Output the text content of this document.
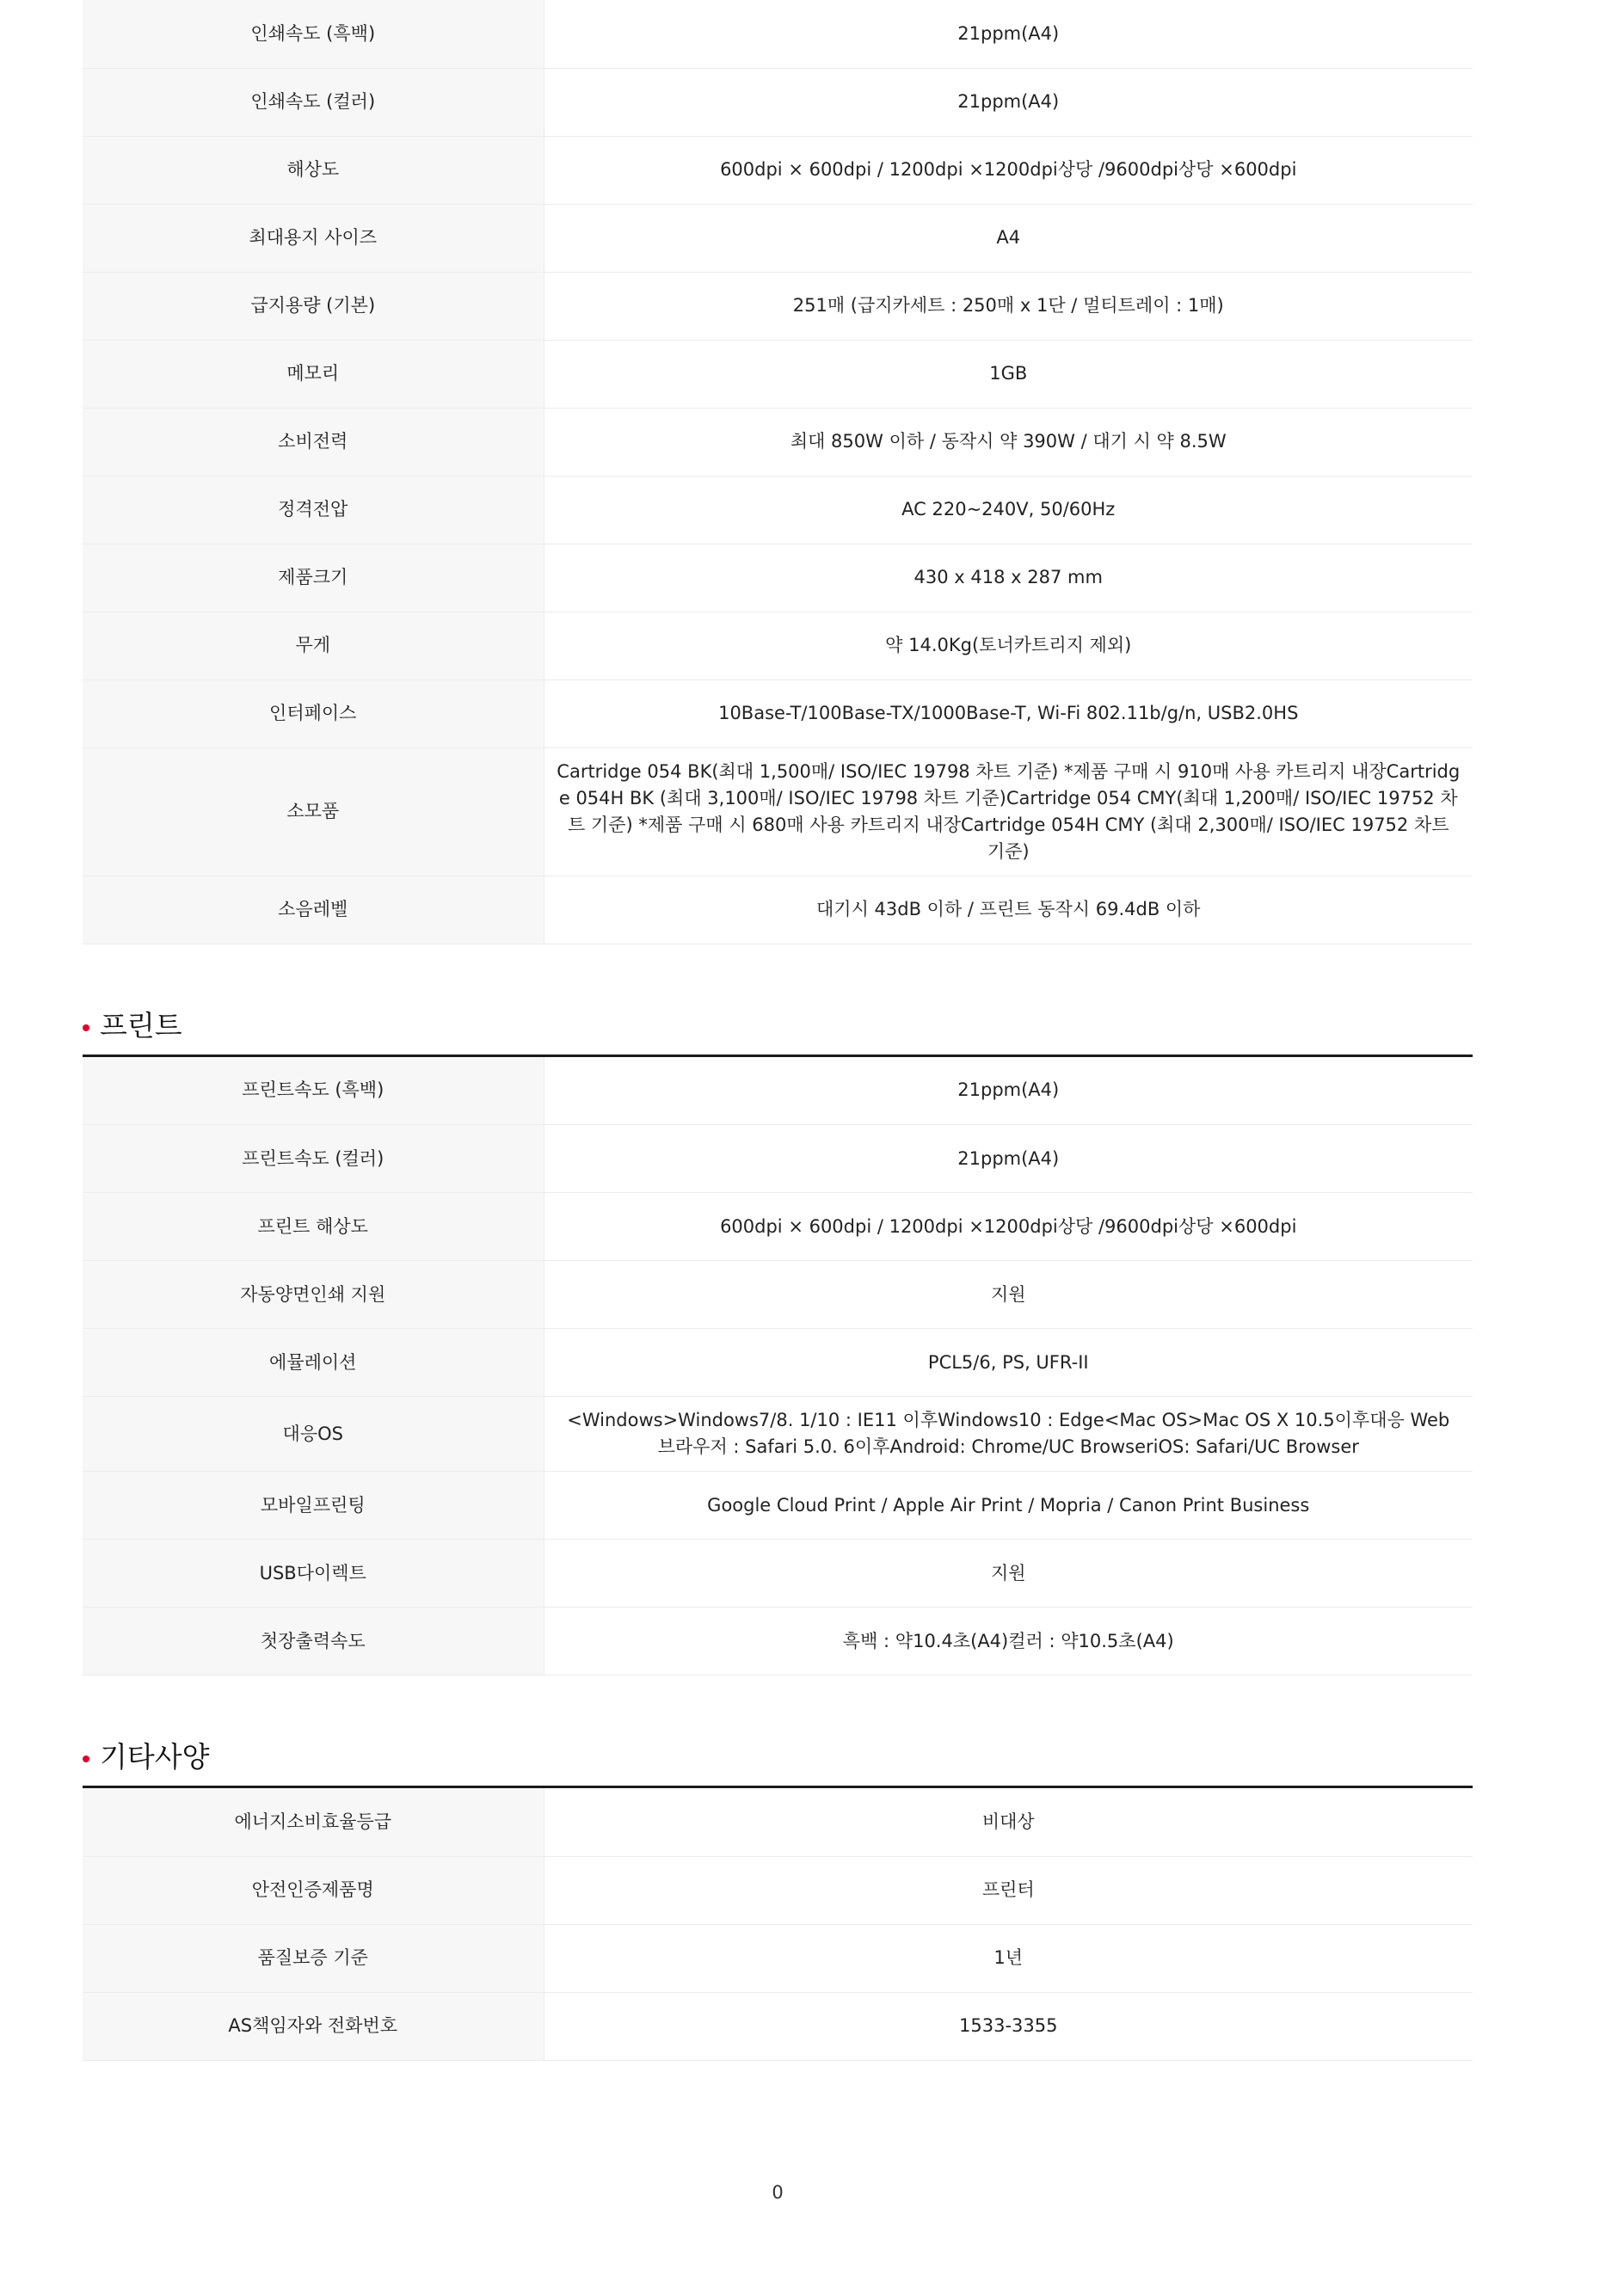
인쇄속도 (흑백)	21ppm(A4)
인쇄속도 (컬러)	21ppm(A4)
해상도	600dpi × 600dpi / 1200dpi ×1200dpi상당 /9600dpi상당 ×600dpi
최대용지 사이즈	A4
급지용량 (기본)	251매 (급지카세트 : 250매 x 1단 / 멀티트레이 : 1매)
메모리	1GB
소비전력	최대 850W 이하 / 동작시 약 390W / 대기 시 약 8.5W
정격전압	AC 220~240V, 50/60Hz
제품크기	430 x 418 x 287 mm
무게	약 14.0Kg(토너카트리지 제외)
인터페이스	10Base-T/100Base-TX/1000Base-T, Wi-Fi 802.11b/g/n, USB2.0HS
소모품	Cartridge 054 BK(최대 1,500매/ ISO/IEC 19798 차트 기준) *제품 구매 시 910매 사용 카트리지 내장Cartridge 054H BK (최대 3,100매/ ISO/IEC 19798 차트 기준)Cartridge 054 CMY(최대 1,200매/ ISO/IEC 19752 차트 기준) *제품 구매 시 680매 사용 카트리지 내장Cartridge 054H CMY (최대 2,300매/ ISO/IEC 19752 차트 기준)
소음레벨	대기시 43dB 이하 / 프린트 동작시 69.4dB 이하
프린트
프린트속도 (흑백)	21ppm(A4)
프린트속도 (컬러)	21ppm(A4)
프린트 해상도	600dpi × 600dpi / 1200dpi ×1200dpi상당 /9600dpi상당 ×600dpi
자동양면인쇄 지원	지원
에뮬레이션	PCL5/6, PS, UFR-II
대응OS	<Windows>Windows7/8. 1/10 : IE11 이후Windows10 : Edge<Mac OS>Mac OS X 10.5이후대응 Web 브라우저 : Safari 5.0. 6이후Android: Chrome/UC BrowseriOS: Safari/UC Browser
모바일프린팅	Google Cloud Print / Apple Air Print / Mopria / Canon Print Business
USB다이렉트	지원
첫장출력속도	흑백 : 약10.4초(A4)컬러 : 약10.5초(A4)
기타사양
에너지소비효율등급	비대상
안전인증제품명	프린터
품질보증 기준	1년
AS책임자와 전화번호	1533-3355
0
